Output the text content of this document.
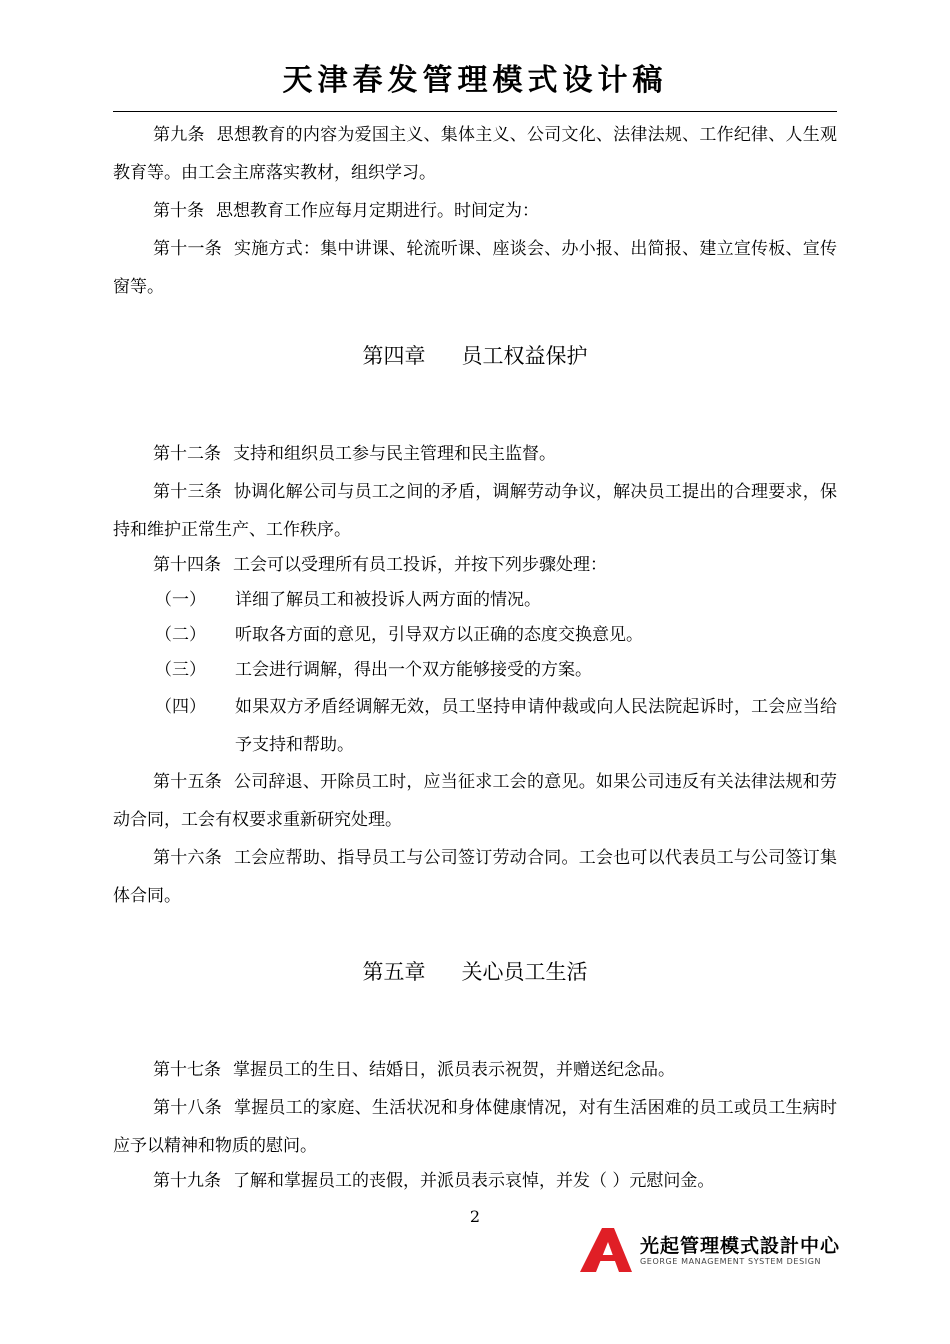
天津春发管理模式设计稿

第九条 思想教育的内容为爱国主义、集体主义、公司文化、法律法规、工作纪律、人生观教育等。由工会主席落实教材，组织学习。

第十条 思想教育工作应每月定期进行。时间定为：

第十一条 实施方式：集中讲课、轮流听课、座谈会、办小报、出简报、建立宣传板、宣传窗等。

第四章 员工权益保护

第十二条 支持和组织员工参与民主管理和民主监督。

第十三条 协调化解公司与员工之间的矛盾，调解劳动争议，解决员工提出的合理要求，保持和维护正常生产、工作秩序。

第十四条 工会可以受理所有员工投诉，并按下列步骤处理：

（一） 详细了解员工和被投诉人两方面的情况。
（二） 听取各方面的意见，引导双方以正确的态度交换意见。
（三） 工会进行调解，得出一个双方能够接受的方案。
（四） 如果双方矛盾经调解无效，员工坚持申请仲裁或向人民法院起诉时，工会应当给予支持和帮助。

第十五条 公司辞退、开除员工时，应当征求工会的意见。如果公司违反有关法律法规和劳动合同，工会有权要求重新研究处理。

第十六条 工会应帮助、指导员工与公司签订劳动合同。工会也可以代表员工与公司签订集体合同。

第五章 关心员工生活

第十七条 掌握员工的生日、结婚日，派员表示祝贺，并赠送纪念品。

第十八条 掌握员工的家庭、生活状况和身体健康情况，对有生活困难的员工或员工生病时应予以精神和物质的慰问。

第十九条 了解和掌握员工的丧假，并派员表示哀悼，并发（ ）元慰问金。

2
光起管理模式設計中心
GEORGE MANAGEMENT SYSTEM DESIGN
